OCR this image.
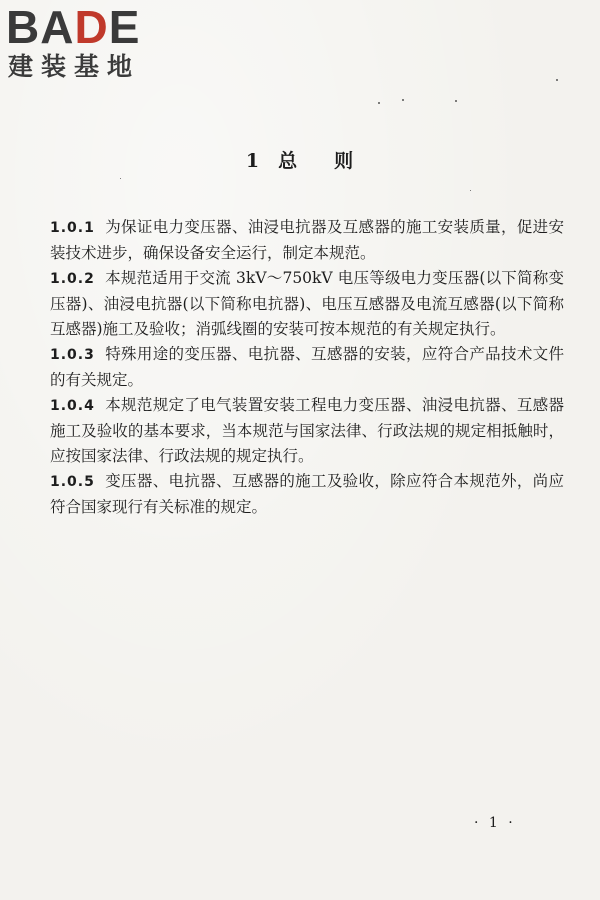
BADE
建装基地
1 总 则

1.0.1 为保证电力变压器、油浸电抗器及互感器的施工安装质量，促进安装技术进步，确保设备安全运行，制定本规范。

1.0.2 本规范适用于交流 3kV～750kV 电压等级电力变压器(以下简称变压器)、油浸电抗器(以下简称电抗器)、电压互感器及电流互感器(以下简称互感器)施工及验收；消弧线圈的安装可按本规范的有关规定执行。

1.0.3 特殊用途的变压器、电抗器、互感器的安装，应符合产品技术文件的有关规定。

1.0.4 本规范规定了电气装置安装工程电力变压器、油浸电抗器、互感器施工及验收的基本要求，当本规范与国家法律、行政法规的规定相抵触时，应按国家法律、行政法规的规定执行。

1.0.5 变压器、电抗器、互感器的施工及验收，除应符合本规范外，尚应符合国家现行有关标准的规定。

· 1 ·
